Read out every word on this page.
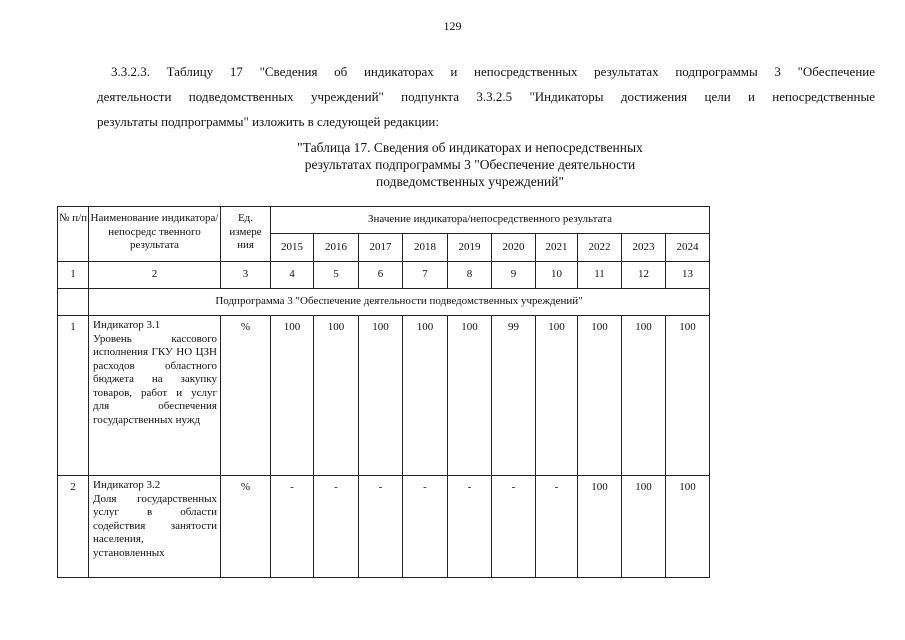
129
3.3.2.3. Таблицу 17 "Сведения об индикаторах и непосредственных результатах подпрограммы 3 "Обеспечение
деятельности подведомственных учреждений" подпункта 3.3.2.5 "Индикаторы достижения цели и непосредственные
результаты подпрограммы" изложить в следующей редакции:
"Таблица 17. Сведения об индикаторах и непосредственных
результатах подпрограммы 3 "Обеспечение деятельности
подведомственных учреждений"
№ п/п	Наименование индикатора/непосредс твенного результата	Ед. измере ния	Значение индикатора/непосредственного результата									
			2015	2016	2017	2018	2019	2020	2021	2022	2023	2024
1	2	3	4	5	6	7	8	9	10	11	12	13
	Подпрограмма 3 "Обеспечение деятельности подведомственных учреждений"											
1	Индикатор 3.1
Уровень кассового исполнения ГКУ НО ЦЗН расходов областного бюджета на закупку товаров, работ и услуг для обеспечения государственных нужд	%	100	100	100	100	100	99	100	100	100	100
2	Индикатор 3.2
Доля государственных услуг в области содействия занятости населения, установленных	%	-	-	-	-	-	-	-	100	100	100
